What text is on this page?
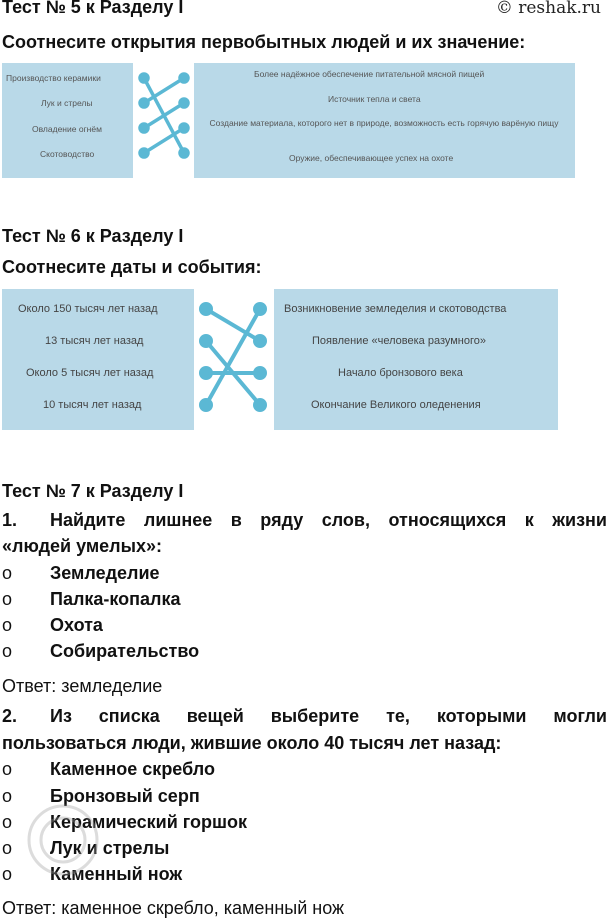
© reshak.ru
Тест № 5 к Разделу I
Соотнесите открытия первобытных людей и их значение:
Производство керамики
Лук и стрелы
Овладение огнём
Скотоводство
Более надёжное обеспечение питательной мясной пищей
Источник тепла и света
Создание материала, которого нет в природе, возможность есть горячую варёную пищу
Оружие, обеспечивающее успех на охоте
Тест № 6 к Разделу I
Соотнесите даты и события:
Около 150 тысяч лет назад
13 тысяч лет назад
Около 5 тысяч лет назад
10 тысяч лет назад
Возникновение земледелия и скотоводства
Появление «человека разумного»
Начало бронзового века
Окончание Великого оледенения
Тест № 7 к Разделу I
1. Найдите лишнее в ряду слов, относящихся к жизни
«людей умелых»:
o Земледелие
o Палка-копалка
o Охота
o Собирательство
Ответ: земледелие
2. Из списка вещей выберите те, которыми могли
пользоваться люди, жившие около 40 тысяч лет назад:
o Каменное скребло
o Бронзовый серп
o Керамический горшок
o Лук и стрелы
o Каменный нож
Ответ: каменное скребло, каменный нож
